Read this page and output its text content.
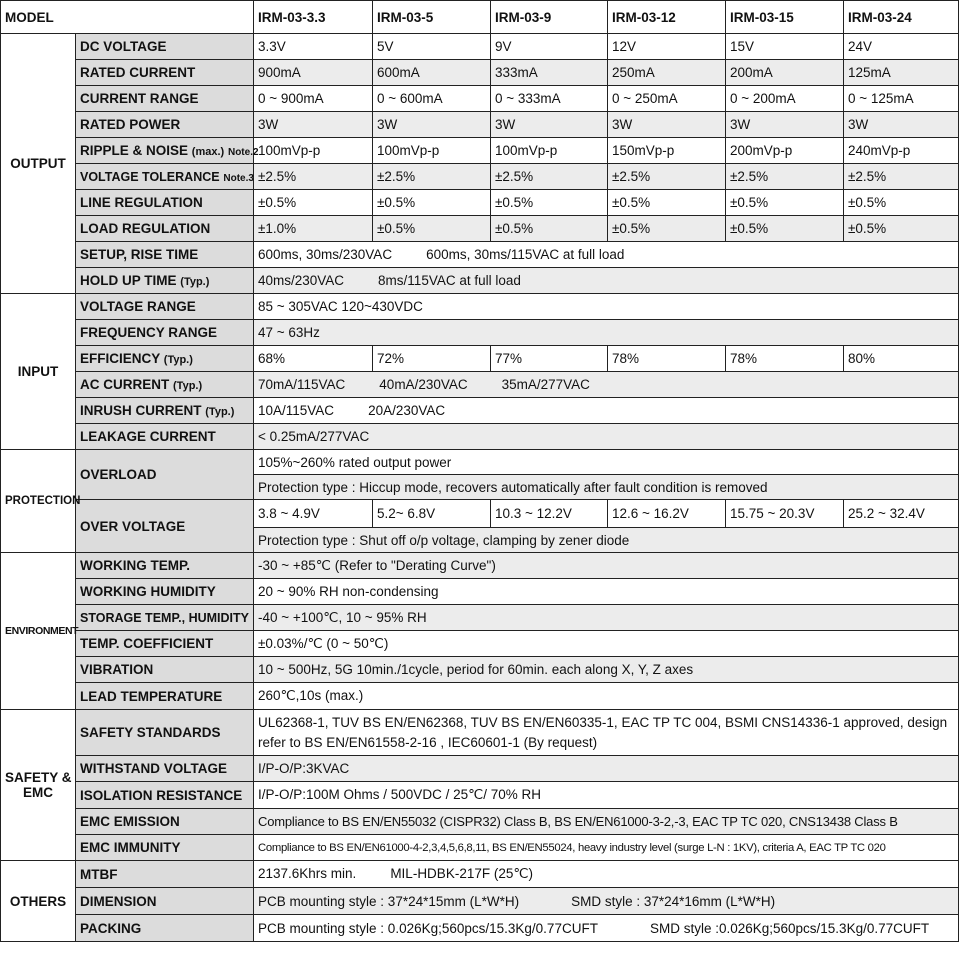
MODEL		IRM-03-3.3	IRM-03-5	IRM-03-9	IRM-03-12	IRM-03-15	IRM-03-24
OUTPUT	DC VOLTAGE	3.3V	5V	9V	12V	15V	24V
	RATED CURRENT	900mA	600mA	333mA	250mA	200mA	125mA
	CURRENT RANGE	0 ~ 900mA	0 ~ 600mA	0 ~ 333mA	0 ~ 250mA	0 ~ 200mA	0 ~ 125mA
	RATED POWER	3W	3W	3W	3W	3W	3W
	RIPPLE & NOISE (max.) Note.2	100mVp-p	100mVp-p	100mVp-p	150mVp-p	200mVp-p	240mVp-p
	VOLTAGE TOLERANCE Note.3	±2.5%	±2.5%	±2.5%	±2.5%	±2.5%	±2.5%
	LINE REGULATION	±0.5%	±0.5%	±0.5%	±0.5%	±0.5%	±0.5%
	LOAD REGULATION	±1.0%	±0.5%	±0.5%	±0.5%	±0.5%	±0.5%
	SETUP, RISE TIME	600ms, 30ms/230VAC 600ms, 30ms/115VAC at full load					
	HOLD UP TIME (Typ.)	40ms/230VAC 8ms/115VAC at full load					
INPUT	VOLTAGE RANGE	85 ~ 305VAC 120~430VDC					
	FREQUENCY RANGE	47 ~ 63Hz					
	EFFICIENCY (Typ.)	68%	72%	77%	78%	78%	80%
	AC CURRENT (Typ.)	70mA/115VAC 40mA/230VAC 35mA/277VAC					
	INRUSH CURRENT (Typ.)	10A/115VAC 20A/230VAC					
	LEAKAGE CURRENT	< 0.25mA/277VAC					
PROTECTION	OVERLOAD	105%~260% rated output power					
		Protection type : Hiccup mode, recovers automatically after fault condition is removed					
	OVER VOLTAGE	3.8 ~ 4.9V	5.2~ 6.8V	10.3 ~ 12.2V	12.6 ~ 16.2V	15.75 ~ 20.3V	25.2 ~ 32.4V
		Protection type : Shut off o/p voltage, clamping by zener diode					
ENVIRONMENT	WORKING TEMP.	-30 ~ +85℃ (Refer to "Derating Curve")					
	WORKING HUMIDITY	20 ~ 90% RH non-condensing					
	STORAGE TEMP., HUMIDITY	-40 ~ +100℃, 10 ~ 95% RH					
	TEMP. COEFFICIENT	±0.03%/℃ (0 ~ 50℃)					
	VIBRATION	10 ~ 500Hz, 5G 10min./1cycle, period for 60min. each along X, Y, Z axes					
	LEAD TEMPERATURE	260℃,10s (max.)					
SAFETY &
EMC	SAFETY STANDARDS	UL62368-1, TUV BS EN/EN62368, TUV BS EN/EN60335-1, EAC TP TC 004, BSMI CNS14336-1 approved, design refer to BS EN/EN61558-2-16 , IEC60601-1 (By request)					
	WITHSTAND VOLTAGE	I/P-O/P:3KVAC					
	ISOLATION RESISTANCE	I/P-O/P:100M Ohms / 500VDC / 25℃/ 70% RH					
	EMC EMISSION	Compliance to BS EN/EN55032 (CISPR32) Class B, BS EN/EN61000-3-2,-3, EAC TP TC 020, CNS13438 Class B					
	EMC IMMUNITY	Compliance to BS EN/EN61000-4-2,3,4,5,6,8,11, BS EN/EN55024, heavy industry level (surge L-N : 1KV), criteria A, EAC TP TC 020					
OTHERS	MTBF	2137.6Khrs min. MIL-HDBK-217F (25℃)					
	DIMENSION	PCB mounting style : 37*24*15mm (L*W*H) SMD style : 37*24*16mm (L*W*H)					
	PACKING	PCB mounting style : 0.026Kg;560pcs/15.3Kg/0.77CUFT SMD style :0.026Kg;560pcs/15.3Kg/0.77CUFT					
